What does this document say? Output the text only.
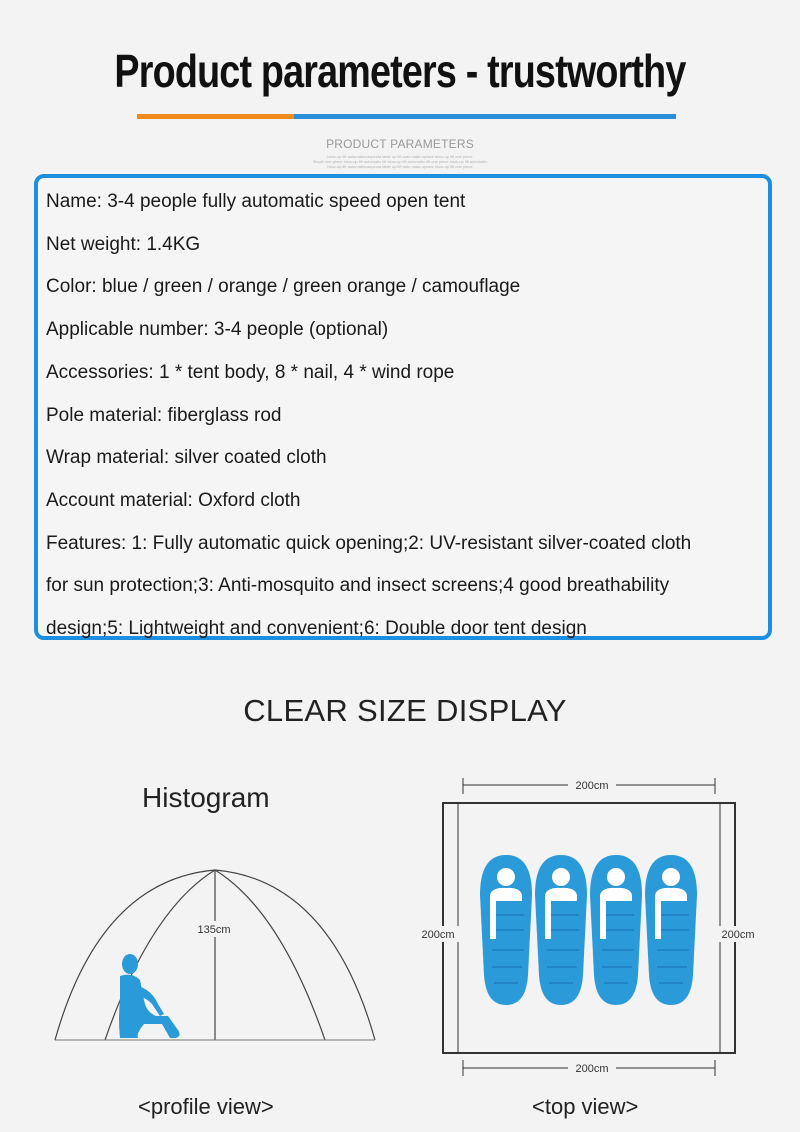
Product parameters - trustworthy
PRODUCT PARAMETERS
blow-up lift automaticvaspecta table up lift auto matic uplace blow-up lift one piece
Single one-piece blow-up lift automatic lift blow-up lift automatic lift one piece blow-up lift automatic
blow-up lift automaticvaspecta table up lift auto matic uplace blow-up lift one piece
Name: 3-4 people fully automatic speed open tent
Net weight: 1.4KG
Color: blue / green / orange / green orange / camouflage
Applicable number: 3-4 people (optional)
Accessories: 1 * tent body, 8 * nail, 4 * wind rope
Pole material: fiberglass rod
Wrap material: silver coated cloth
Account material: Oxford cloth
Features: 1: Fully automatic quick opening;2: UV-resistant silver-coated cloth
for sun protection;3: Anti-mosquito and insect screens;4 good breathability
design;5: Lightweight and convenient;6: Double door tent design
CLEAR SIZE DISPLAY
Histogram
135cm
200cm
200cm	200cm
200cm
<profile view>	<top view>
